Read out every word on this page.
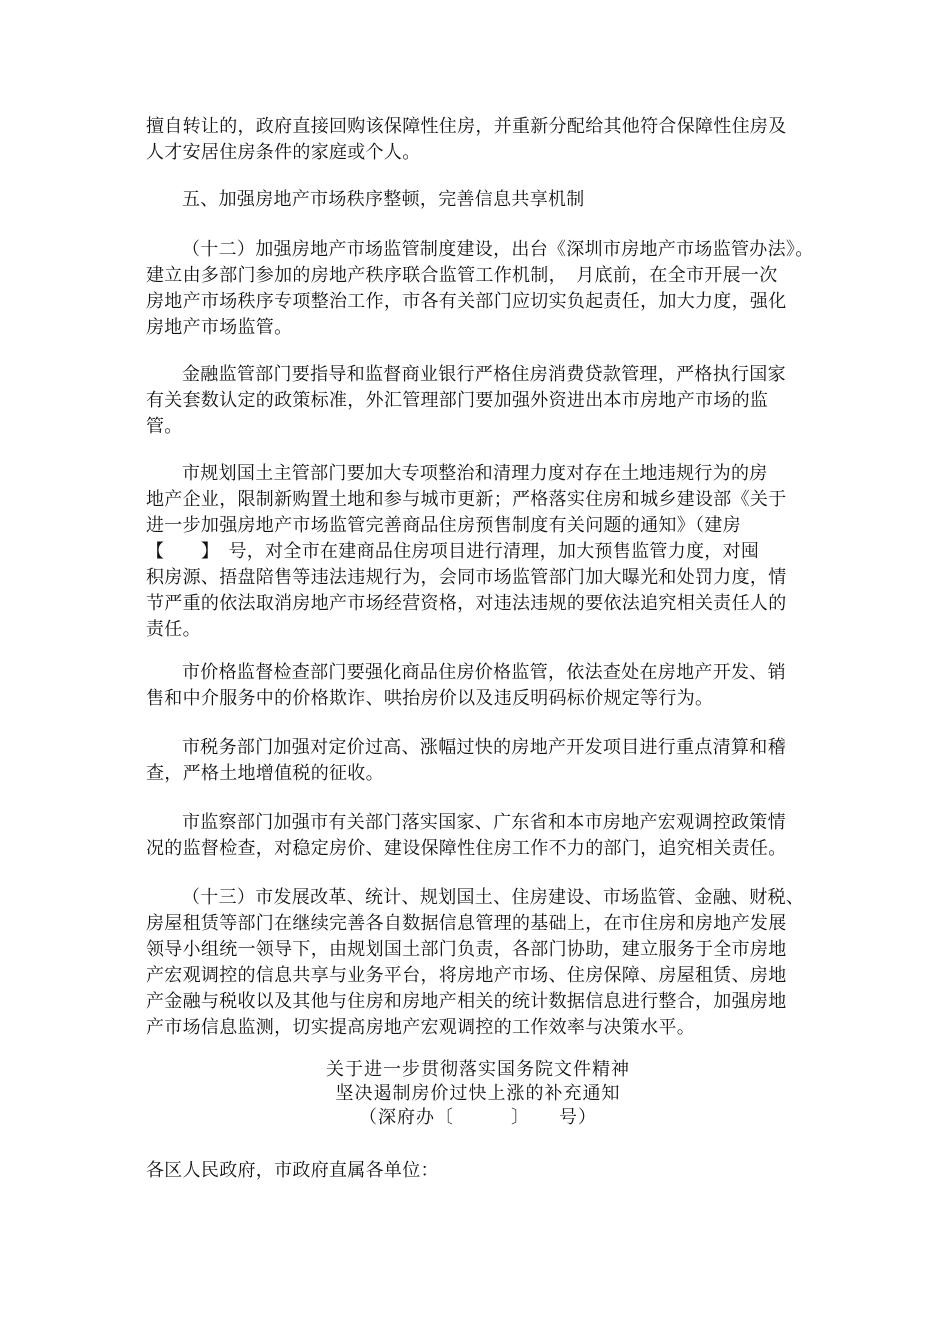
擅自转让的，政府直接回购该保障性住房，并重新分配给其他符合保障性住房及
人才安居住房条件的家庭或个人。
五、加强房地产市场秩序整顿，完善信息共享机制
（十二）加强房地产市场监管制度建设，出台《深圳市房地产市场监管办法》。
建立由多部门参加的房地产秩序联合监管工作机制，　月底前，在全市开展一次
房地产市场秩序专项整治工作，市各有关部门应切实负起责任，加大力度，强化
房地产市场监管。
金融监管部门要指导和监督商业银行严格住房消费贷款管理，严格执行国家
有关套数认定的政策标准，外汇管理部门要加强外资进出本市房地产市场的监
管。
市规划国土主管部门要加大专项整治和清理力度对存在土地违规行为的房
地产企业，限制新购置土地和参与城市更新；严格落实住房和城乡建设部《关于
进一步加强房地产市场监管完善商品住房预售制度有关问题的通知》（建房
【　　】　号，对全市在建商品住房项目进行清理，加大预售监管力度，对囤
积房源、捂盘陪售等违法违规行为，会同市场监管部门加大曝光和处罚力度，情
节严重的依法取消房地产市场经营资格，对违法违规的要依法追究相关责任人的
责任。
市价格监督检查部门要强化商品住房价格监管，依法查处在房地产开发、销
售和中介服务中的价格欺诈、哄抬房价以及违反明码标价规定等行为。
市税务部门加强对定价过高、涨幅过快的房地产开发项目进行重点清算和稽
查，严格土地增值税的征收。
市监察部门加强市有关部门落实国家、广东省和本市房地产宏观调控政策情
况的监督检查，对稳定房价、建设保障性住房工作不力的部门，追究相关责任。
（十三）市发展改革、统计、规划国土、住房建设、市场监管、金融、财税、
房屋租赁等部门在继续完善各自数据信息管理的基础上，在市住房和房地产发展
领导小组统一领导下，由规划国土部门负责，各部门协助，建立服务于全市房地
产宏观调控的信息共享与业务平台，将房地产市场、住房保障、房屋租赁、房地
产金融与税收以及其他与住房和房地产相关的统计数据信息进行整合，加强房地
产市场信息监测，切实提高房地产宏观调控的工作效率与决策水平。
关于进一步贯彻落实国务院文件精神
坚决遏制房价过快上涨的补充通知
（深府办〔　　　〕　　号）
各区人民政府，市政府直属各单位：
